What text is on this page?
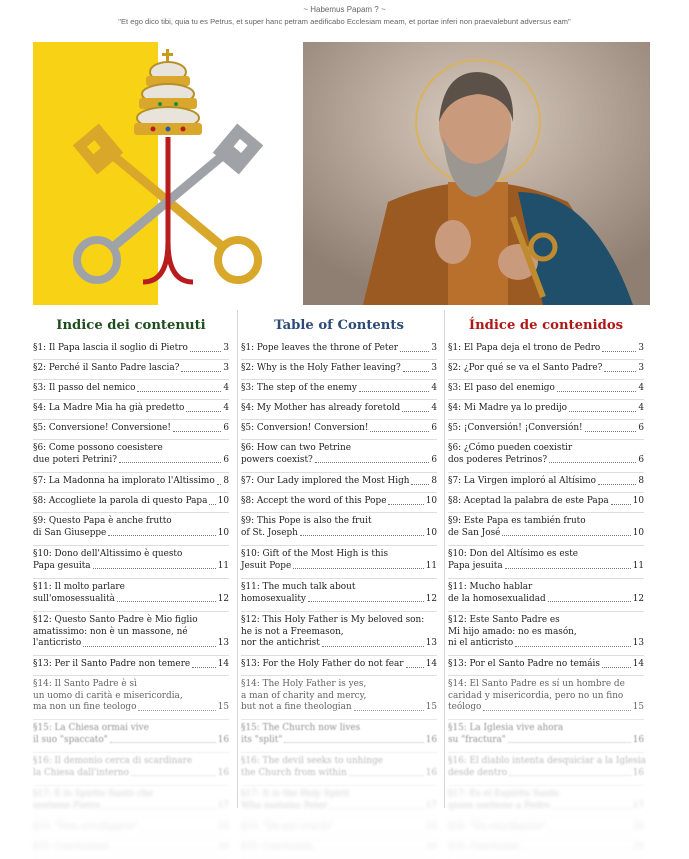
~ Habemus Papam ? ~
"Et ego dico tibi, quia tu es Petrus, et super hanc petram aedificabo Ecclesiam meam, et portae inferi non praevalebunt adversus eam"
Indice dei contenuti
§1: Il Papa lascia il soglio di Pietro	3
§2: Perché il Santo Padre lascia?	3
§3: Il passo del nemico	4
§4: La Madre Mia ha già predetto	4
§5: Conversione! Conversione!	6
§6: Come possono coesistere
due poteri Petrini?	6
§7: La Madonna ha implorato l'Altissimo 8
§8: Accogliete la parola di questo Papa 10
§9: Questo Papa è anche frutto
di San Giuseppe	10
§10: Dono dell'Altissimo è questo
Papa gesuita	11
§11: Il molto parlare
sull'omosessualità	12
§12: Questo Santo Padre è Mio figlio
amatissimo: non è un massone, né
l'anticristo	13
§13: Per il Santo Padre non temere	14
§14: Il Santo Padre è sì
un uomo di carità e misericordia,
ma non un fine teologo	15
§15: La Chiesa ormai vive
il suo "spaccato"	16
§16: Il demonio cerca di scardinare
la Chiesa dall'interno	16
§17: È lo Spirito Santo che
sostiene Pietro	17
§18: "Non crocifiggete"	18
§19: Conclusione	19
Table of Contents
§1: Pope leaves the throne of Peter	3
§2: Why is the Holy Father leaving?	3
§3: The step of the enemy	4
§4: My Mother has already foretold	4
§5: Conversion! Conversion!	6
§6: How can two Petrine
powers coexist?	6
§7: Our Lady implored the Most High 8
§8: Accept the word of this Pope	10
§9: This Pope is also the fruit
of St. Joseph	10
§10: Gift of the Most High is this
Jesuit Pope	11
§11: The much talk about
homosexuality	12
§12: This Holy Father is My beloved son:
he is not a Freemason,
nor the antichrist	13
§13: For the Holy Father do not fear 14
§14: The Holy Father is yes,
a man of charity and mercy,
but not a fine theologian	15
§15: The Church now lives
its "split"	16
§16: The devil seeks to unhinge
the Church from within	16
§17: It is the Holy Spirit
Who sustains Peter	17
§18: "Do not crucify"	18
§19: Conclusion	19
Índice de contenidos
§1: El Papa deja el trono de Pedro	3
§2: ¿Por qué se va el Santo Padre?	3
§3: El paso del enemigo	4
§4: Mi Madre ya lo predijo	4
§5: ¡Conversión! ¡Conversión!	6
§6: ¿Cómo pueden coexistir
dos poderes Petrinos?	6
§7: La Virgen imploró al Altísimo	8
§8: Aceptad la palabra de este Papa	10
§9: Este Papa es también fruto
de San José	10
§10: Don del Altísimo es este
Papa jesuita	11
§11: Mucho hablar
de la homosexualidad	12
§12: Este Santo Padre es
Mi hijo amado: no es masón,
ni el anticristo	13
§13: Por el Santo Padre no temáis	14
§14: El Santo Padre es sí un hombre de
caridad y misericordia, pero no un fino
teólogo	15
§15: La Iglesia vive ahora
su "fractura"	16
§16: El diablo intenta desquiciar a la Iglesia
desde dentro	16
§17: Es el Espíritu Santo
quien sostiene a Pedro	17
§18: "No crucifiquéis"	18
§19: Conclusión	19
